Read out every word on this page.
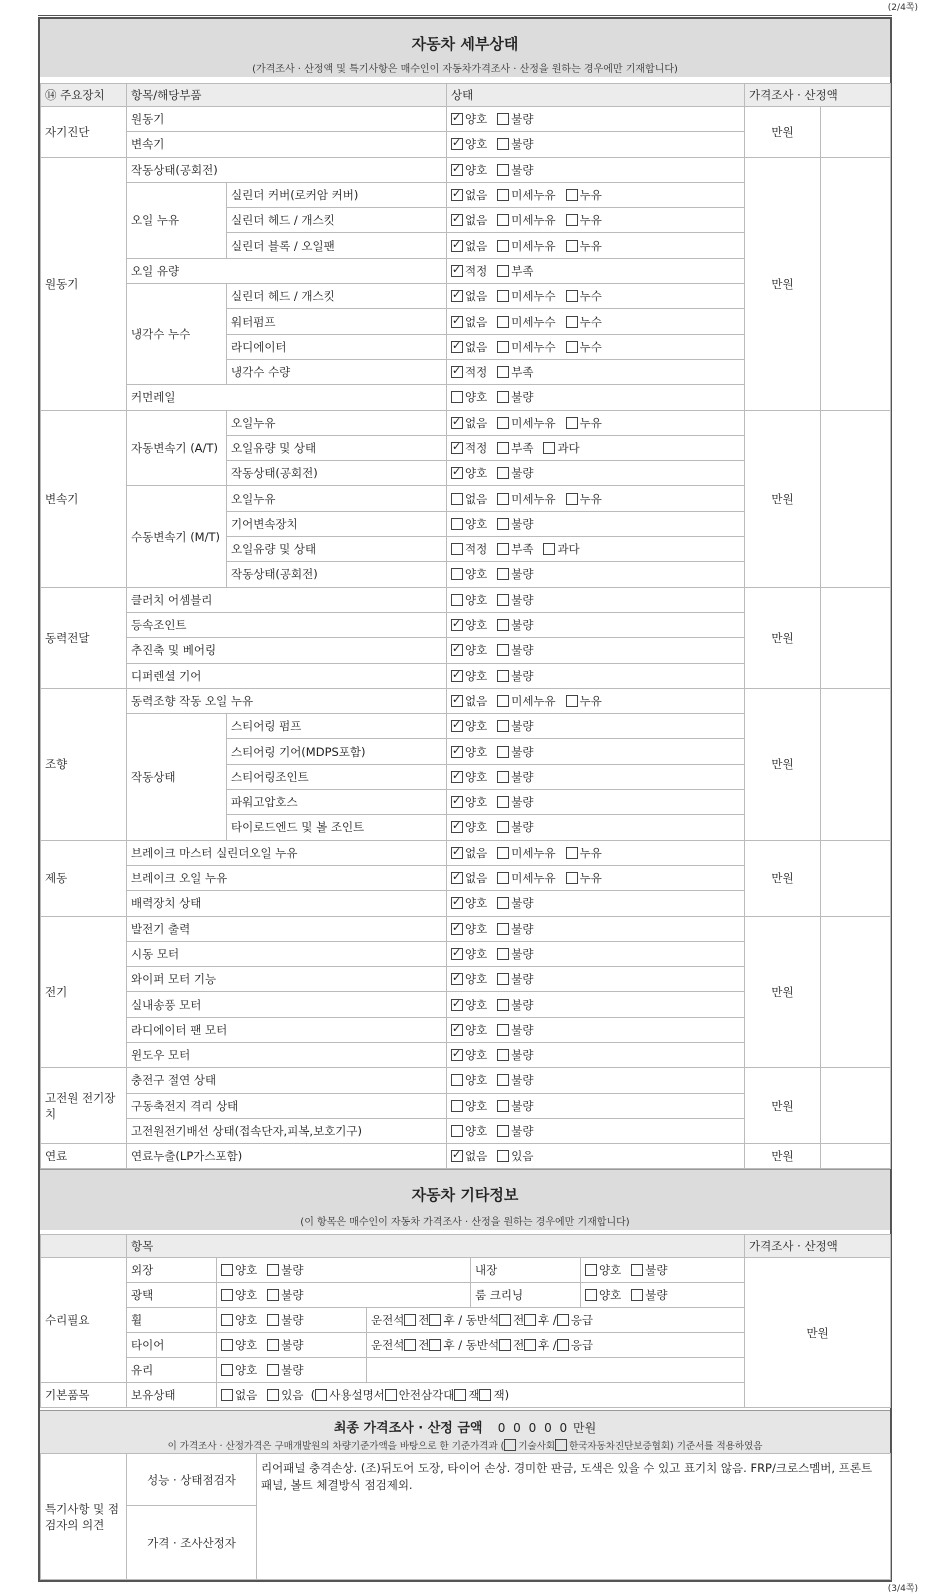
(2/4쪽)
자동차 세부상태
(가격조사 · 산정액 및 특기사항은 매수인이 자동차가격조사 · 산정을 원하는 경우에만 기재합니다)
⑭ 주요장치	항목/해당부품		상태	가격조사 · 산정액	
자기진단	원동기	✓양호 불량	만원	
	변속기	✓양호 불량
원동기	작동상태(공회전)	✓양호 불량	만원	
	오일 누유	실린더 커버(로커암 커버)	✓없음 미세누유 누유
		실린더 헤드 / 개스킷	✓없음 미세누유 누유
		실린더 블록 / 오일팬	✓없음 미세누유 누유
	오일 유량	✓적정 부족
	냉각수 누수	실린더 헤드 / 개스킷	✓없음 미세누수 누수
		워터펌프	✓없음 미세누수 누수
		라디에이터	✓없음 미세누수 누수
		냉각수 수량	✓적정 부족
	커먼레일		양호 불량		
변속기	자동변속기 (A/T)	오일누유	✓없음 미세누유 누유	만원	
		오일유량 및 상태	✓적정 부족 과다
		작동상태(공회전)	✓양호 불량
	수동변속기 (M/T)	오일누유	없음 미세누유 누유		
		기어변속장치	양호 불량		
		오일유량 및 상태	적정 부족 과다		
		작동상태(공회전)	양호 불량		
동력전달	클러치 어셈블리		양호 불량	만원	
	등속조인트	✓양호 불량
	추진축 및 베어링	✓양호 불량
	디퍼렌셜 기어	✓양호 불량
조향	동력조향 작동 오일 누유	✓없음 미세누유 누유	만원	
	작동상태	스티어링 펌프	✓양호 불량
		스티어링 기어(MDPS포함)	✓양호 불량
		스티어링조인트	✓양호 불량
		파워고압호스	✓양호 불량
		타이로드엔드 및 볼 조인트	✓양호 불량
제동	브레이크 마스터 실린더오일 누유	✓없음 미세누유 누유	만원	
	브레이크 오일 누유	✓없음 미세누유 누유
	배력장치 상태	✓양호 불량
전기	발전기 출력	✓양호 불량	만원	
	시동 모터	✓양호 불량
	와이퍼 모터 기능	✓양호 불량
	실내송풍 모터	✓양호 불량
	라디에이터 팬 모터	✓양호 불량
	윈도우 모터	✓양호 불량
고전원 전기장치	충전구 절연 상태		양호 불량	만원	
	구동축전지 격리 상태		양호 불량		
	고전원전기배선 상태(접속단자,피복,보호기구)		양호 불량		
연료	연료누출(LP가스포함)	✓없음 있음	만원	
자동차 기타정보
(이 항목은 매수인이 자동차 가격조사 · 산정을 원하는 경우에만 기재합니다)
	항목					가격조사 · 산정액
수리필요	외장	양호 불량		내장	양호 불량	만원
	광택	양호 불량		룸 크리닝	양호 불량	
	휠	양호 불량	운전석 전 후 / 동반석 전 후 / 응급			
	타이어	양호 불량	운전석 전 후 / 동반석 전 후 / 응급			
	유리	양호 불량				
기본품목	보유상태	없음 있음  ( 사용설명서 안전삼각대 잭 잭)				
최종 가격조사 · 산정 금액 0 0 0 0 0 만원
이 가격조사 · 산정가격은 구매개발원의 차량기준가액을 바탕으로 한 기준가격과 ( 기술사회 한국자동차진단보증협회) 기준서를 적용하였음
특기사항 및 점검자의 의견	성능 · 상태점검자	리어패널 충격손상. (조)뒤도어 도장, 타이어 손상. 경미한 판금, 도색은 있을 수 있고 표기치 않음. FRP/크로스멤버, 프론트 패널, 볼트 체결방식 점검제외.
가격 · 조사산정자
(3/4쪽)
